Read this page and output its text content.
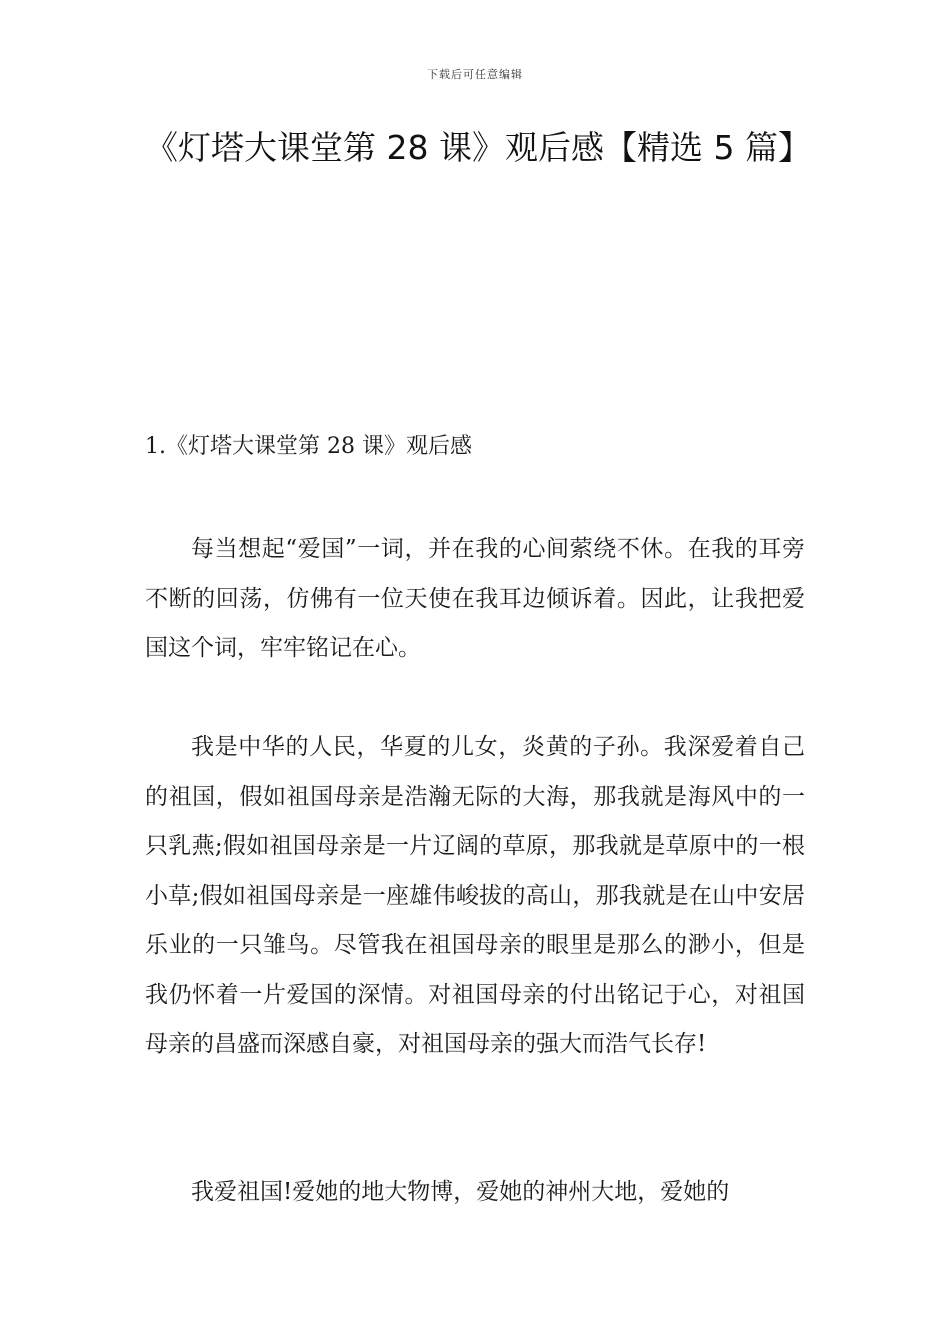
下载后可任意编辑
《灯塔大课堂第 28 课》观后感【精选 5 篇】
1.《灯塔大课堂第 28 课》观后感

每当想起“爱国”一词，并在我的心间萦绕不休。在我的耳旁不断的回荡，仿佛有一位天使在我耳边倾诉着。因此，让我把爱国这个词，牢牢铭记在心。

我是中华的人民，华夏的儿女，炎黄的子孙。我深爱着自己的祖国，假如祖国母亲是浩瀚无际的大海，那我就是海风中的一只乳燕;假如祖国母亲是一片辽阔的草原，那我就是草原中的一根小草;假如祖国母亲是一座雄伟峻拔的高山，那我就是在山中安居乐业的一只雏鸟。尽管我在祖国母亲的眼里是那么的渺小，但是我仍怀着一片爱国的深情。对祖国母亲的付出铭记于心，对祖国母亲的昌盛而深感自豪，对祖国母亲的强大而浩气长存!

我爱祖国!爱她的地大物博，爱她的神州大地，爱她的
